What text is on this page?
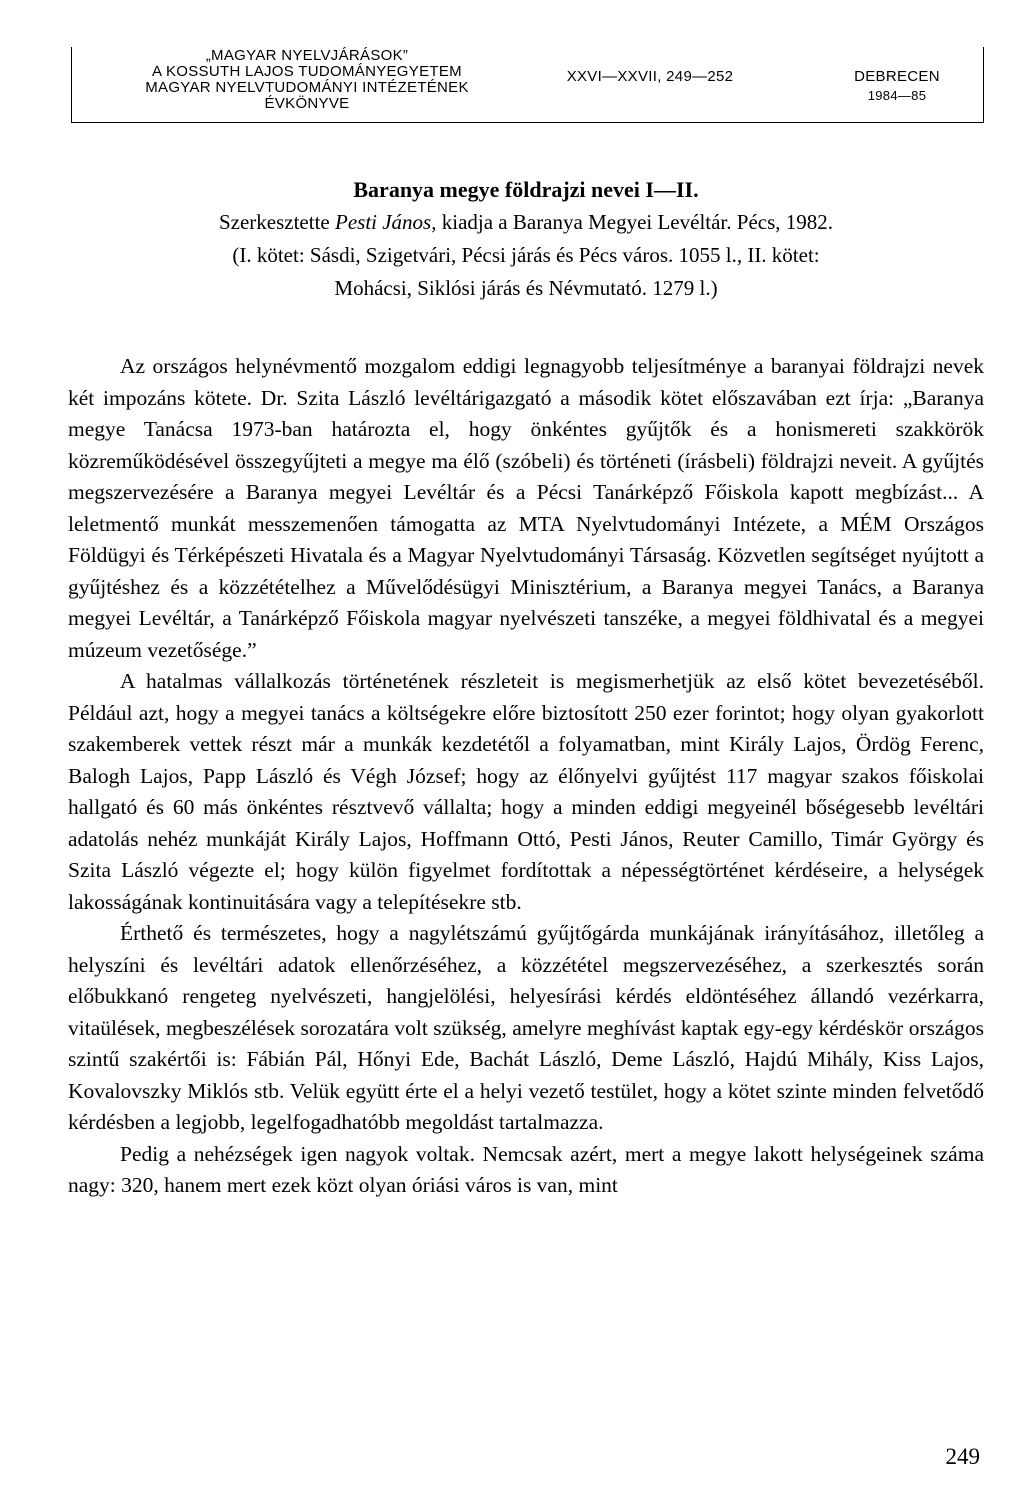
„MAGYAR NYELVJÁRÁSOK”
A KOSSUTH LAJOS TUDOMÁNYEGYETEM
MAGYAR NYELVTUDOMÁNYI INTÉZETÉNEK
ÉVKÖNYVE
XXVI—XXVII, 249—252	DEBRECEN
1984—85
Baranya megye földrajzi nevei I—II.
Szerkesztette Pesti János, kiadja a Baranya Megyei Levéltár. Pécs, 1982.
(I. kötet: Sásdi, Szigetvári, Pécsi járás és Pécs város. 1055 l., II. kötet:
Mohácsi, Siklósi járás és Névmutató. 1279 l.)

Az országos helynévmentő mozgalom eddigi legnagyobb teljesítménye a baranyai földrajzi nevek két impozáns kötete. Dr. Szita László levéltárigazgató a második kötet előszavában ezt írja: „Baranya megye Tanácsa 1973-ban határozta el, hogy önkéntes gyűjtők és a honismereti szakkörök közreműködésével összegyűjteti a megye ma élő (szóbeli) és történeti (írásbeli) földrajzi neveit. A gyűjtés megszervezésére a Baranya megyei Levéltár és a Pécsi Tanárképző Főiskola kapott megbízást... A leletmentő munkát messzemenően támogatta az MTA Nyelvtudományi Intézete, a MÉM Országos Földügyi és Térképészeti Hivatala és a Magyar Nyelvtudományi Társaság. Közvetlen segítséget nyújtott a gyűjtéshez és a közzétételhez a Művelődésügyi Minisztérium, a Baranya megyei Tanács, a Baranya megyei Levéltár, a Tanárképző Főiskola magyar nyelvészeti tanszéke, a megyei földhivatal és a megyei múzeum vezetősége.”

A hatalmas vállalkozás történetének részleteit is megismerhetjük az első kötet bevezetéséből. Például azt, hogy a megyei tanács a költségekre előre biztosított 250 ezer forintot; hogy olyan gyakorlott szakemberek vettek részt már a munkák kezdetétől a folyamatban, mint Király Lajos, Ördög Ferenc, Balogh Lajos, Papp László és Végh József; hogy az élőnyelvi gyűjtést 117 magyar szakos főiskolai hallgató és 60 más önkéntes résztvevő vállalta; hogy a minden eddigi megyeinél bőségesebb levéltári adatolás nehéz munkáját Király Lajos, Hoffmann Ottó, Pesti János, Reuter Camillo, Timár György és Szita László végezte el; hogy külön figyelmet fordítottak a népességtörténet kérdéseire, a helységek lakosságának kontinuitására vagy a telepítésekre stb.

Érthető és természetes, hogy a nagylétszámú gyűjtőgárda munkájának irányításához, illetőleg a helyszíni és levéltári adatok ellenőrzéséhez, a közzététel megszervezéséhez, a szerkesztés során előbukkanó rengeteg nyelvészeti, hangjelölési, helyesírási kérdés eldöntéséhez állandó vezérkarra, vitaülések, megbeszélések sorozatára volt szükség, amelyre meghívást kaptak egy-egy kérdéskör országos szintű szakértői is: Fábián Pál, Hőnyi Ede, Bachát László, Deme László, Hajdú Mihály, Kiss Lajos, Kovalovszky Miklós stb. Velük együtt érte el a helyi vezető testület, hogy a kötet szinte minden felvetődő kérdésben a legjobb, legelfogadhatóbb megoldást tartalmazza.

Pedig a nehézségek igen nagyok voltak. Nemcsak azért, mert a megye lakott helységeinek száma nagy: 320, hanem mert ezek közt olyan óriási város is van, mint

249
